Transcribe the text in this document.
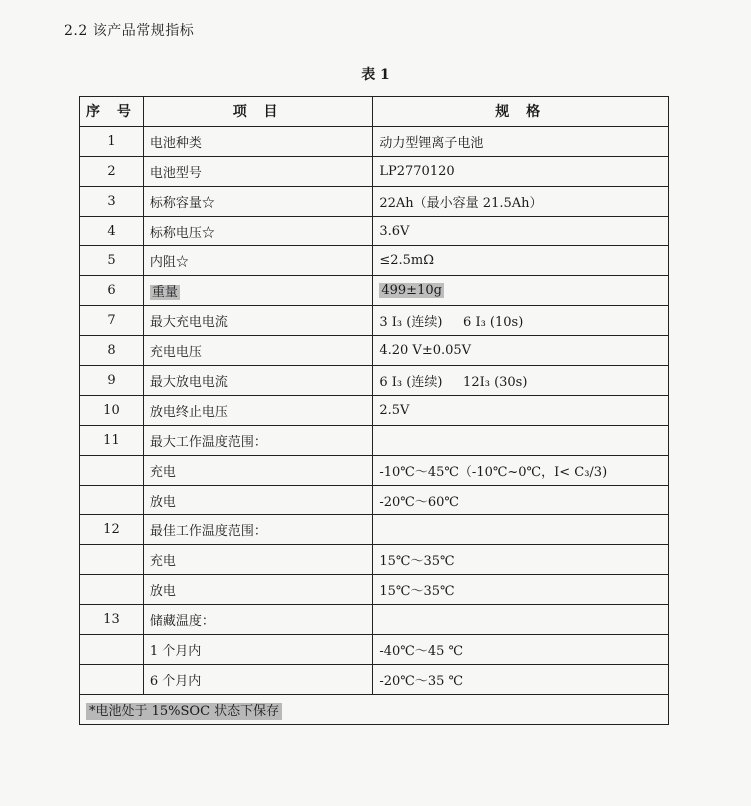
2.2 该产品常规指标
表 1
序 号	项 目	规 格
1	电池种类	动力型锂离子电池
2	电池型号	LP2770120
3	标称容量☆	22Ah（最小容量 21.5Ah）
4	标称电压☆	3.6V
5	内阻☆	≤2.5mΩ
6	重量	499±10g
7	最大充电电流	3 I₃ (连续)     6 I₃ (10s)
8	充电电压	4.20 V±0.05V
9	最大放电电流	6 I₃ (连续)     12I₃ (30s)
10	放电终止电压	2.5V
11	最大工作温度范围：	
	充电	-10℃～45℃（-10℃~0℃，I< C₃/3)
	放电	-20℃～60℃
12	最佳工作温度范围：	
	充电	15℃～35℃
	放电	15℃～35℃
13	储藏温度：	
	1 个月内	-40℃～45 ℃
	6 个月内	-20℃～35 ℃
*电池处于 15%SOC 状态下保存		
